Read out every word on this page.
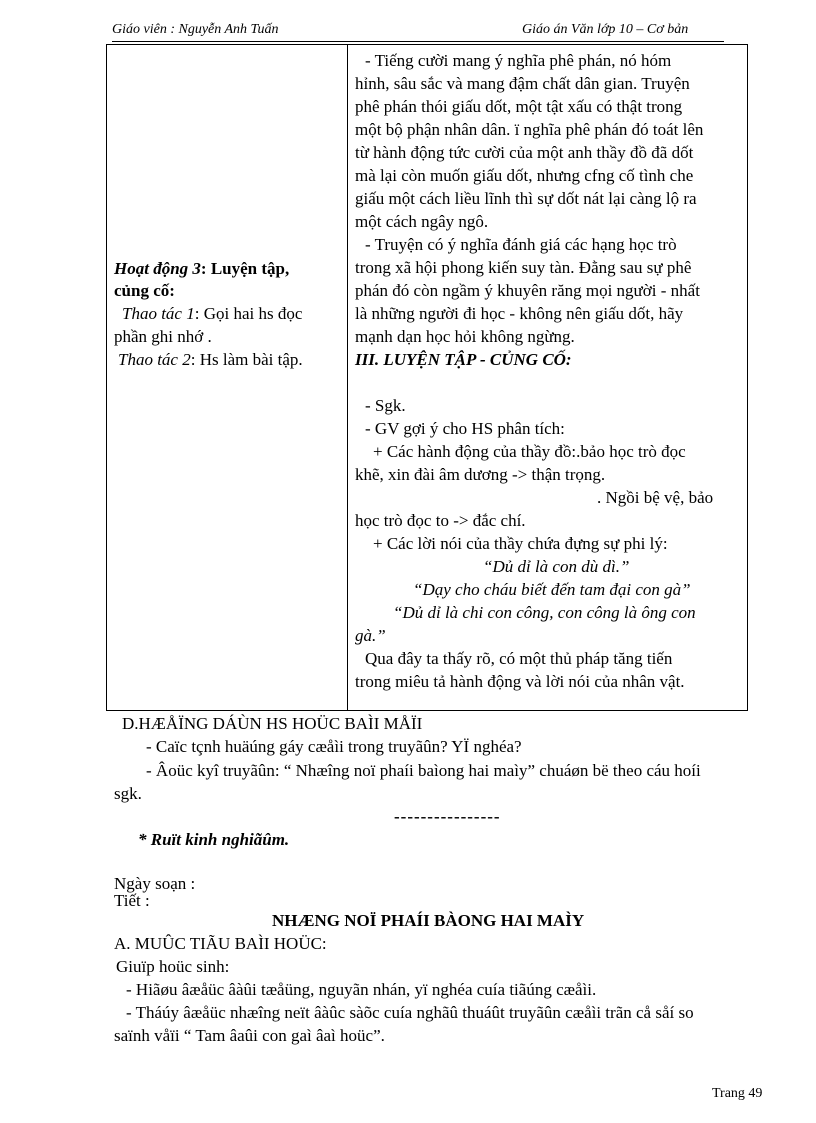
Giáo viên : Nguyễn Anh Tuấn	Giáo án Văn lớp 10 – Cơ bản
Hoạt động 3: Luyện tập,
củng cố:
Thao tác 1: Gọi hai hs đọc
phần ghi nhớ .
Thao tác 2: Hs làm bài tập.
- Tiếng cười mang ý nghĩa phê phán, nó hóm
hỉnh, sâu sắc và mang đậm chất dân gian. Truyện
phê phán thói giấu dốt, một tật xấu có thật trong
một bộ phận nhân dân. ï nghĩa phê phán đó toát lên
từ hành động tức cười của một anh thầy đồ đã dốt
mà lại còn muốn giấu dốt, nhưng cfng cố tình che
giấu một cách liều lĩnh thì sự dốt nát lại càng lộ ra
một cách ngây ngô.
- Truyện có ý nghĩa đánh giá các hạng học trò
trong xã hội phong kiến suy tàn. Đằng sau sự phê
phán đó còn ngầm ý khuyên răng mọi người - nhất
là những người đi học - không nên giấu dốt, hãy
mạnh dạn học hỏi không ngừng.
III. LUYỆN TẬP - CỦNG CỐ:
- Sgk.
- GV gợi ý cho HS phân tích:
+ Các hành động của thầy đồ:.bảo học trò đọc
khẽ, xin đài âm dương -> thận trọng.
. Ngồi bệ vệ, bảo
học trò đọc to -> đắc chí.
+ Các lời nói của thầy chứa đựng sự phi lý:
“Dủ dỉ là con dù dì.”
“Dạy cho cháu biết đến tam đại con gà”
“Dủ dỉ là chi con công, con công là ông con
gà.”
Qua đây ta thấy rõ, có một thủ pháp tăng tiến
trong miêu tả hành động và lời nói của nhân vật.
D.HÆÅÏNG DÁÙN HS HOÜC BAÌI MÅÏI
- Caïc tçnh huäúng gáy cæåìi trong truyãûn? YÏ nghéa?
- Âoüc kyî truyãûn: “ Nhæîng noï phaíi baìong hai maìy” chuáøn bë theo cáu hoíi
sgk.
----------------
* Ruït kinh nghiãûm.
Ngày soạn :
Tiết :
NHÆNG NOÏ PHAÍI BÀONG HAI MAÌY
A. MUÛC TIÃU BAÌI HOÜC:
Giuïp hoüc sinh:
- Hiãøu âæåüc âàûi tæåüng, nguyãn nhán, yï nghéa cuía tiãúng cæåìi.
- Tháúy âæåüc nhæîng neït âàûc sàõc cuía nghãû thuáût truyãûn cæåìi trãn cå såí so
saïnh våïi “ Tam âaûi con gaì âaì hoüc”.
Trang 49
